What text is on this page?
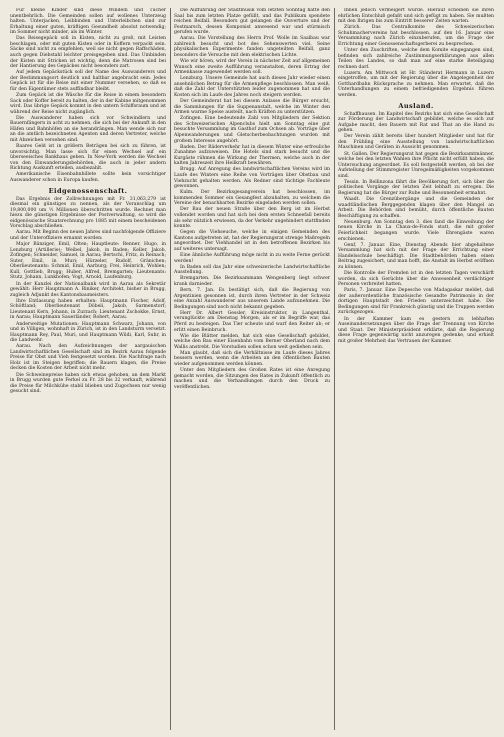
Für kleine Kinder sind diese Windeln und Tücher unentbehrlich. Die Gemeinden sollen auf wollenes Unterzeug halten. Unterjacken, Leibbinden und Unterleibchen sind zur Erhaltung einer guten, kräftigen Gesundheit absolut notwendig; im Sommer nicht minder, als im Winter.

Das Reisegepäck soll in Kisten, nicht zu groß, mit Leisten beschlagen, oder mit guten Kisten oder in Koffern verpackt sein. Säcke sind nicht zu empfehlen, weil sie nicht gegen Raffschäden, auch gegen Diebstahl leichter preisgegeben sind. Das Umbinden der Kisten mit Stricken ist wichtig, denn die Matrosen sind bei der Hantierung des Gepäckes nicht besonders zart.

Auf jedem Gepäckstück soll der Name des Auswanderers und der Bestimmungsort deutlich und haltbar angebracht sein. Jedes Gepäck ist für die Reise mit einer Nummer versehen, so daß es für den Eigentümer stets auffindbar bleibt.

Zum Gepäck ist die Wäsche für die Reise in einem besondern Sack oder Koffer bereit zu halten, der in der Kabine mitgenommen wird. Das übrige Gepäck kommt in den untern Schiffsraum und ist während der Reise nicht zugänglich.

Die Auswanderer haben sich vor Schwindlern und Bauernfängern in acht zu nehmen, die sich bei der Ankunft in den Häfen und Bahnhöfen an sie herandrängen. Man wende sich nur an die amtlich bezeichneten Agenten und deren Vertreter, welche mit Abzeichen versehen sind.

Baares Geld ist in größern Beträgen bei sich zu führen, ist unvorsichtig. Man lasse sich für einen Wechsel auf ein überseeisches Bankhaus geben. In New-York werden die Wechsel von den Einwanderungsbehörden, die auch in jeder andern Richtung Auskunft erteilen, ausbezahlt.

Amerikanische Eisenbahnbillete sollte kein vorsichtiger Auswanderer schon in Europa kaufen.

Eidgenossenschaft.

Das Ergebnis der Zollrechnungen mit Fr. 31,063,279 ist diesmal ein günstiges zu nennen, als der Voranschlag um 19,800,000 um ½ Millionen überschritten wurde. Rechnet man hiezu die günstigen Ergebnisse der Postverwaltung, so wird die eidgenössische Staatsrechnung pro 1885 mit einem bescheidenen Vorschlag abschließen.

Aarau. Mit Beginn des neuen Jahres sind nachfolgende Offiziere und der Unteroffiziere ernannt worden:

Major Bänziger, Emil, Olten; Hauptleute: Renner, Hugo, in Lenzburg (Artillerie); Weibel, Jakob, in Baden; Keller, Jakob, Zofingen; Schneider, Samuel, in Aarau; Bertschi, Fritz, in Reinach; Suter, Emil, in Muri; Hürzeler, Rudolf, Gränichen; Oberlieutenants: Schmid, Emil, Aarburg; Frei, Heinrich, Wohlen; Kull, Gottlieb, Brugg; Huber, Alfred, Bremgarten; Lieutenants: Stutz, Johann, Lunkhofen; Vogt, Arnold, Laufenburg.

In der Kanzlei der Nationalbank wird in Aarau als Sekretär gewählt: Herr Hauptmann A. Riniker, Architekt, bisher in Brugg, zugleich Adjunkt des Kantonsbaumeisters.

Ihre Entlassung haben erhalten: Hauptmann Fischer, Adolf, Schöftland; Oberlieutenant Döbeli, Jakob, Sarmenstorf; Lieutenant Kern, Johann, in Zurzach; Lieutenant Zschokke, Ernst, in Aarau; Hauptmann Sauerländer, Robert, Aarau.

Anderweitige Mutationen: Hauptmann Schwarz, Johann, von und in Villigen, wohnhaft in Zürich, ist in den Landsturm versetzt. Hauptmann Rey, Paul, Muri, und Hauptmann Wildi, Karl, Suhr, in die Landwehr.

Aarau. Nach den Aufzeichnungen der aargauischen Landwirtschaftlichen Gesellschaft sind im Bezirk Aarau folgende Preise für Obst und Vieh festgesetzt worden. Die Nachfrage nach Holz ist im Steigen begriffen; die Bauern klagen, die Preise decken die Kosten der Arbeit nicht mehr.

Die Schweinepreise haben sich etwas gehoben, an dem Markt in Brugg wurden gute Ferkel zu Fr. 28 bis 32 verkauft, während die Preise für Milchkühe stabil blieben und Zugochsen nur wenig gesucht sind.

Die Aufführung der Stadtmusik vom letzten Sonntag hatte den Saal bis zum letzten Platze gefüllt, und das Publikum spendete reichen Beifall. Besonders gut gelangen die Ouverture und der Festmarsch, dessen Komponist anwesend war und stürmisch gerufen wurde.

Aarau. Die Vorstellung des Herrn Prof. Wolle im Saalbau war zahlreich besucht und bot des Sehenswerten viel. Seine physikalischen Experimente fanden ungeteilten Beifall, ganz besonders die Versuche mit dem elektrischen Lichte.

Wie wir hören, wird der Verein in nächster Zeit auf allgemeinen Wunsch eine zweite Aufführung veranstalten, deren Ertrag der Armenkasse zugewendet werden soll.

Lenzburg. Unsere Gemeinde hat auch dieses Jahr wieder einen ansehnlichen Betrag für die Armenpflege beschlossen. Man weiß, daß die Zahl der Unterstützten leider zugenommen hat und die Kosten sich im Laufe des Jahres noch steigern werden.

Der Gemeinderat hat bei diesem Anlasse die Bürger ersucht, die Sammlungen für die Suppenanstalt, welche im Winter den Armen warme Speise austeilt, nach Kräften zu unterstützen.

Zofingen. Eine bedeutende Zahl von Mitgliedern der Sektion des Schweizerischen Alpenclubs hielt am Sonntag eine gut besuchte Versammlung im Gasthof zum Ochsen ab. Vorträge über Alpenwanderungen und Gletscherbeobachtungen wurden mit großem Interesse angehört.

Baden. Der Bäderverkehr hat in diesem Winter eine erfreuliche Zunahme aufzuweisen. Die Hotels sind stark besucht und die Kurgäste rühmen die Wirkung der Thermen, welche auch in der kalten Jahreszeit ihre Heilkraft bewähren.

Brugg. Auf Anregung des landwirtschaftlichen Vereins wird im Laufe des Winters eine Reihe von Vorträgen über Obstbau und Viehzucht gehalten werden. Als Redner sind tüchtige Fachleute gewonnen.

Kulm. Der Bezirksgesangverein hat beschlossen, im kommenden Sommer ein Gesangfest abzuhalten, zu welchem die Vereine der benachbarten Bezirke eingeladen werden sollen.

Der Bau der neuen Straße über den Berg ist im Herbst vollendet worden und hat sich bei dem ersten Schneefall bereits als sehr nützlich erwiesen, da der Verkehr ungehindert stattfinden konnte.

Gegen die Viehseuche, welche in einigen Gemeinden des Kantons aufgetreten ist, hat der Regierungsrat strenge Maßregeln angeordnet. Der Viehhandel ist in den betroffenen Bezirken bis auf weiteres untersagt.

Eine ähnliche Aufführung möge nicht in zu weite Ferne gerückt werden!

In Baden soll das Jahr eine schweizerische Landwirtschaftliche Ausstellung.

Bremgarten. Die Bezirksammann Wengenberg liegt schwer krank darnieder.

Bern, 7. Jan. Es bestätigt sich, daß die Regierung von Argentinien gesonnen ist, durch ihren Vertreter in der Schweiz eine Anzahl Auswanderer aus unserem Lande aufzunehmen. Die Bedingungen sind noch nicht bekannt gegeben.

Herr Dr. Albert Gessler, Kreisinstruktor, in Langenthal, verunglückte am Dienstag Morgen, als er im Begriffe war, das Pferd zu besteigen. Das Tier scheute und warf den Reiter ab; er erlitt einen Beinbruch.

Wie die Blätter melden, hat sich eine Gesellschaft gebildet, welche den Bau einer Eisenbahn vom Berner Oberland nach dem Wallis anstrebt. Die Vorstudien sollen schon weit gediehen sein.

Man glaubt, daß sich die Verhältnisse im Laufe dieses Jahres bessern werden, wenn die Arbeiten an den öffentlichen Bauten wieder aufgenommen werden können.

Unter den Mitgliedern des Großen Rates ist eine Anregung gemacht worden, die Sitzungen des Rates in Zukunft öffentlich zu machen und die Verhandlungen durch den Druck zu veröffentlichen.

Ihnen jedoch vermeigert wurde. Hierauf scheinen sie ihren ehrlichen Entschluß gefaßt und sich gefügt zu haben. Sie mußten mit den Ihrigen bis zum Eintritt besserer Zeiten warten.

Zürich. Das Centralkomite des Schweizerischen Schuhmachervereins hat beschlossen, auf den 16. Januar eine Versammlung nach Zürich einzuberufen, um die Frage der Errichtung einer Genossenschaftsgerberei zu besprechen.

Unter den Zuschriften, welche dem Komite eingegangen sind, befinden sich zahlreiche Zustimmungserklärungen aus allen Teilen des Landes, so daß man auf eine starke Beteiligung rechnen darf.

Luzern. Am Mittwoch ist Hr. Ständerat Hermann in Luzern eingetroffen, um mit der Regierung über die Angelegenheit der Gotthardbahn Rücksprache zu nehmen. Man erwartet, daß die Unterhandlungen zu einem befriedigenden Ergebnis führen werden.

Ausland.

Schaffhausen. Im Kapitel des Bezirks hat sich eine Gesellschaft zur Förderung der Landwirtschaft gebildet, welche es sich zur Aufgabe macht, den Bauern mit Rat und That an die Hand zu gehen.

Der Verein zählt bereits über hundert Mitglieder und hat für den Frühling eine Ausstellung von landwirtschaftlichen Maschinen und Geräten in Aussicht genommen.

St. Gallen. Der Regierungsrat hat gegen die Bezirksamtmänner, welche bei den letzten Wahlen ihre Pflicht nicht erfüllt haben, die Untersuchung angeordnet. Es soll festgestellt werden, ob bei der Aufstellung der Stimmregister Unregelmäßigkeiten vorgekommen sind.

Tessin. In Bellinzona fährt die Bevölkerung fort, sich über die politischen Vorgänge der letzten Zeit lebhaft zu erregen. Die Regierung hat die Bürger zur Ruhe und Besonnenheit ermahnt.

Waadt. Die Grenzübergänge und die Gemeinden der waadtländischen Berggegenden klagen über den Mangel an Arbeit. Die Behörden sind bemüht, durch öffentliche Bauten Beschäftigung zu schaffen.

Neuenburg. Am Sonntag den 3. dies fand die Einweihung der neuen Kirche in La Chaux-de-Fonds statt, die mit großer Feierlichkeit begangen wurde. Viele Ehrengäste waren erschienen.

Genf, 7. Januar. Eine, Dienstag Abends hier abgehaltene Versammlung hat sich mit der Frage der Errichtung einer Handelsschule beschäftigt. Die Stadtbehörden haben einen Beitrag zugesichert, und man hofft, die Anstalt im Herbst eröffnen zu können.

Die Kontrolle der Fremden ist in den letzten Tagen verschärft worden, da sich Gerüchte über die Anwesenheit verdächtiger Personen verbreitet hatten.

Paris, 7. Januar. Eine Depesche von Madagaskar meldet, daß der außerordentliche französische Gesandte Patrimonio in der dortigen Hauptstadt den Frieden unterzeichnet habe. Die Bedingungen sind für Frankreich günstig und die Truppen werden zurückgezogen.

In der Kammer kam es gestern zu lebhaften Auseinandersetzungen über die Frage der Trennung von Kirche und Staat. Der Ministerpräsident erklärte, daß die Regierung diese Frage gegenwärtig nicht anzuregen gedenke, und erhielt mit großer Mehrheit das Vertrauen der Kammer.
